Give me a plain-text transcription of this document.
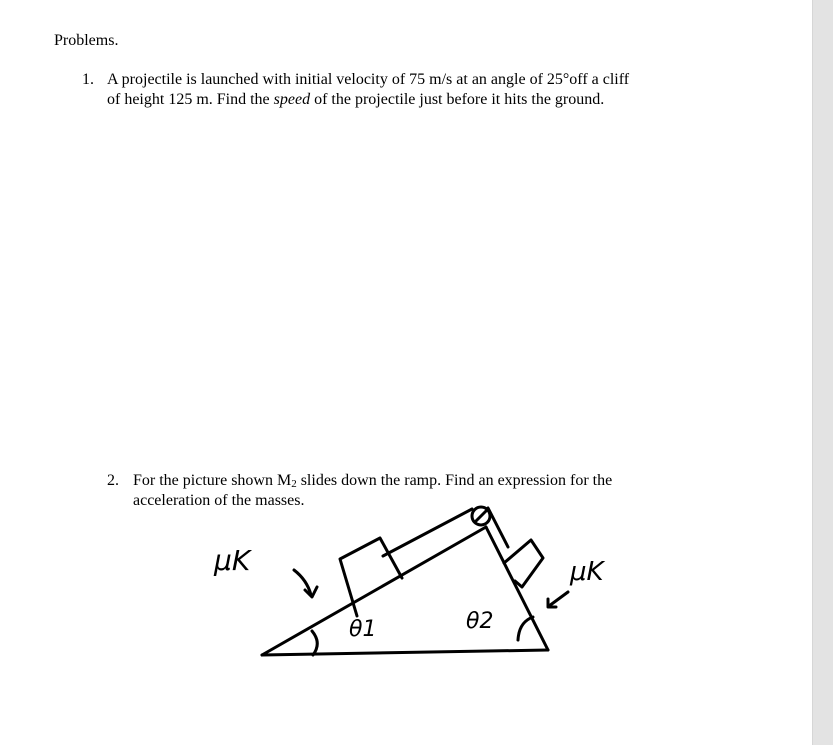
Problems.
1. A projectile is launched with initial velocity of 75 m/s at an angle of 25°off a cliff
of height 125 m. Find the speed of the projectile just before it hits the ground.
2. For the picture shown $M_2$ slides down the ramp. Find an expression for the
acceleration of the masses.
μK	μK
θ1	θ2
